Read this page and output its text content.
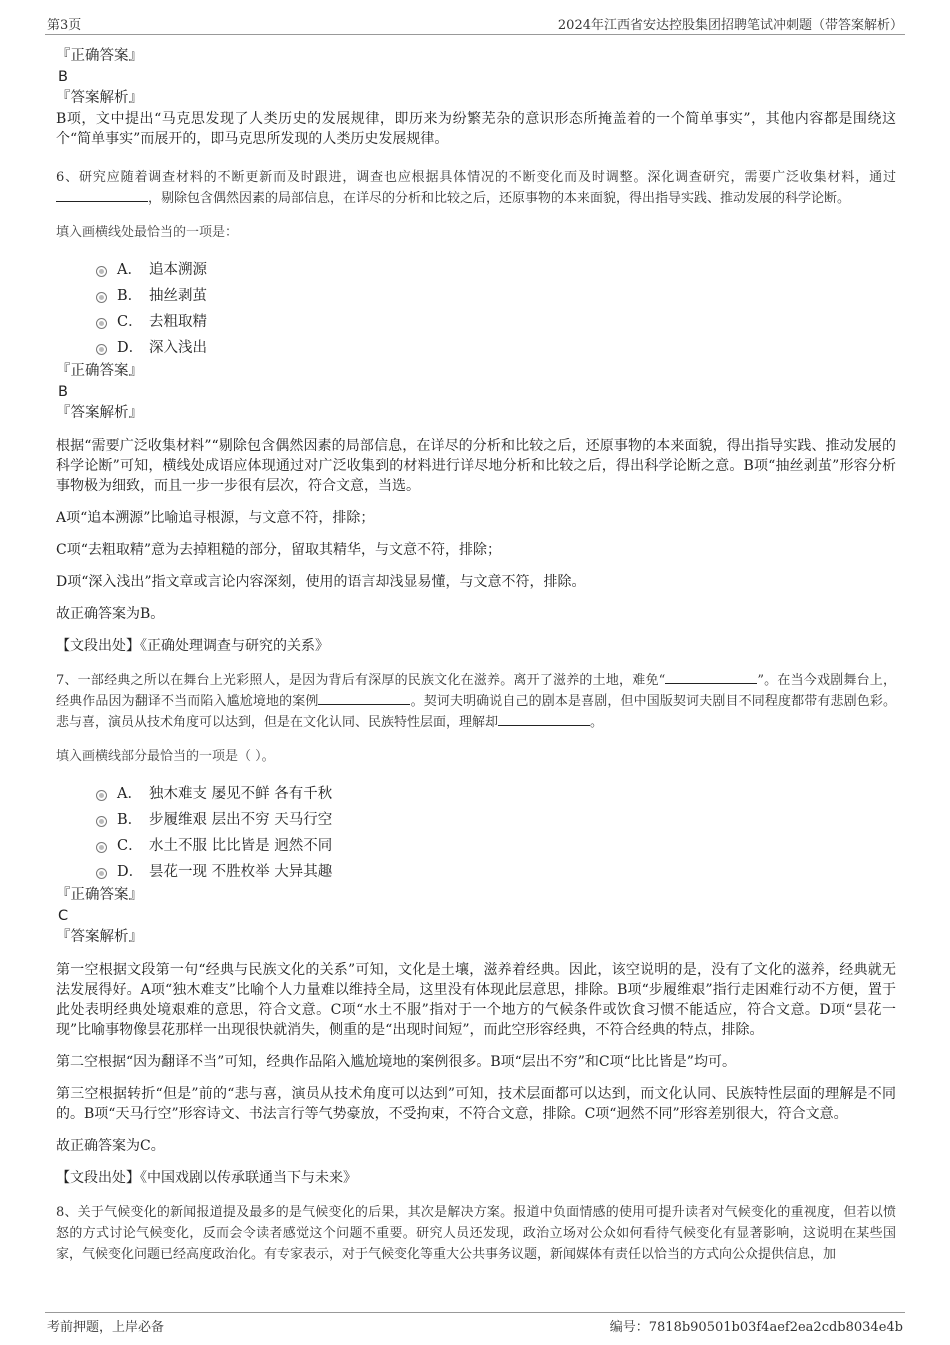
第3页	2024年江西省安达控股集团招聘笔试冲刺题（带答案解析）

『正确答案』

B

『答案解析』

B项，文中提出“马克思发现了人类历史的发展规律，即历来为纷繁芜杂的意识形态所掩盖着的一个简单事实”，其他内容都是围绕这个“简单事实”而展开的，即马克思所发现的人类历史发展规律。

6、研究应随着调查材料的不断更新而及时跟进，调查也应根据具体情况的不断变化而及时调整。深化调查研究，需要广泛收集材料，通过，剔除包含偶然因素的局部信息，在详尽的分析和比较之后，还原事物的本来面貌，得出指导实践、推动发展的科学论断。

填入画横线处最恰当的一项是：

A． 追本溯源
B． 抽丝剥茧
C． 去粗取精
D． 深入浅出

『正确答案』

B

『答案解析』

根据“需要广泛收集材料”“剔除包含偶然因素的局部信息，在详尽的分析和比较之后，还原事物的本来面貌，得出指导实践、推动发展的科学论断”可知，横线处成语应体现通过对广泛收集到的材料进行详尽地分析和比较之后，得出科学论断之意。B项“抽丝剥茧”形容分析事物极为细致，而且一步一步很有层次，符合文意，当选。

A项“追本溯源”比喻追寻根源，与文意不符，排除；

C项“去粗取精”意为去掉粗糙的部分，留取其精华，与文意不符，排除；

D项“深入浅出”指文章或言论内容深刻，使用的语言却浅显易懂，与文意不符，排除。

故正确答案为B。

【文段出处】《正确处理调查与研究的关系》

7、一部经典之所以在舞台上光彩照人，是因为背后有深厚的民族文化在滋养。离开了滋养的土地，难免“	”。在当今戏剧舞台上，经典作品因为翻译不当而陷入尴尬境地的案例	。契诃夫明确说自己的剧本是喜剧，但中国版契诃夫剧目不同程度都带有悲剧色彩。悲与喜，演员从技术角度可以达到，但是在文化认同、民族特性层面，理解却	。

填入画横线部分最恰当的一项是（ ）。

A． 独木难支 屡见不鲜 各有千秋
B． 步履维艰 层出不穷 天马行空
C． 水土不服 比比皆是 迥然不同
D． 昙花一现 不胜枚举 大异其趣

『正确答案』

C

『答案解析』

第一空根据文段第一句“经典与民族文化的关系”可知，文化是土壤，滋养着经典。因此，该空说明的是，没有了文化的滋养，经典就无法发展得好。A项“独木难支”比喻个人力量难以维持全局，这里没有体现此层意思，排除。B项“步履维艰”指行走困难行动不方便，置于此处表明经典处境艰难的意思，符合文意。C项“水土不服”指对于一个地方的气候条件或饮食习惯不能适应，符合文意。D项“昙花一现”比喻事物像昙花那样一出现很快就消失，侧重的是“出现时间短”，而此空形容经典，不符合经典的特点，排除。

第二空根据“因为翻译不当”可知，经典作品陷入尴尬境地的案例很多。B项“层出不穷”和C项“比比皆是”均可。

第三空根据转折“但是”前的“悲与喜，演员从技术角度可以达到”可知，技术层面都可以达到，而文化认同、民族特性层面的理解是不同的。B项“天马行空”形容诗文、书法言行等气势豪放，不受拘束，不符合文意，排除。C项“迥然不同”形容差别很大，符合文意。

故正确答案为C。

【文段出处】《中国戏剧以传承联通当下与未来》

8、关于气候变化的新闻报道提及最多的是气候变化的后果，其次是解决方案。报道中负面情感的使用可提升读者对气候变化的重视度，但若以愤怒的方式讨论气候变化，反而会令读者感觉这个问题不重要。研究人员还发现，政治立场对公众如何看待气候变化有显著影响，这说明在某些国家，气候变化问题已经高度政治化。有专家表示，对于气候变化等重大公共事务议题，新闻媒体有责任以恰当的方式向公众提供信息，加

考前押题，上岸必备	编号：7818b90501b03f4aef2ea2cdb8034e4b
